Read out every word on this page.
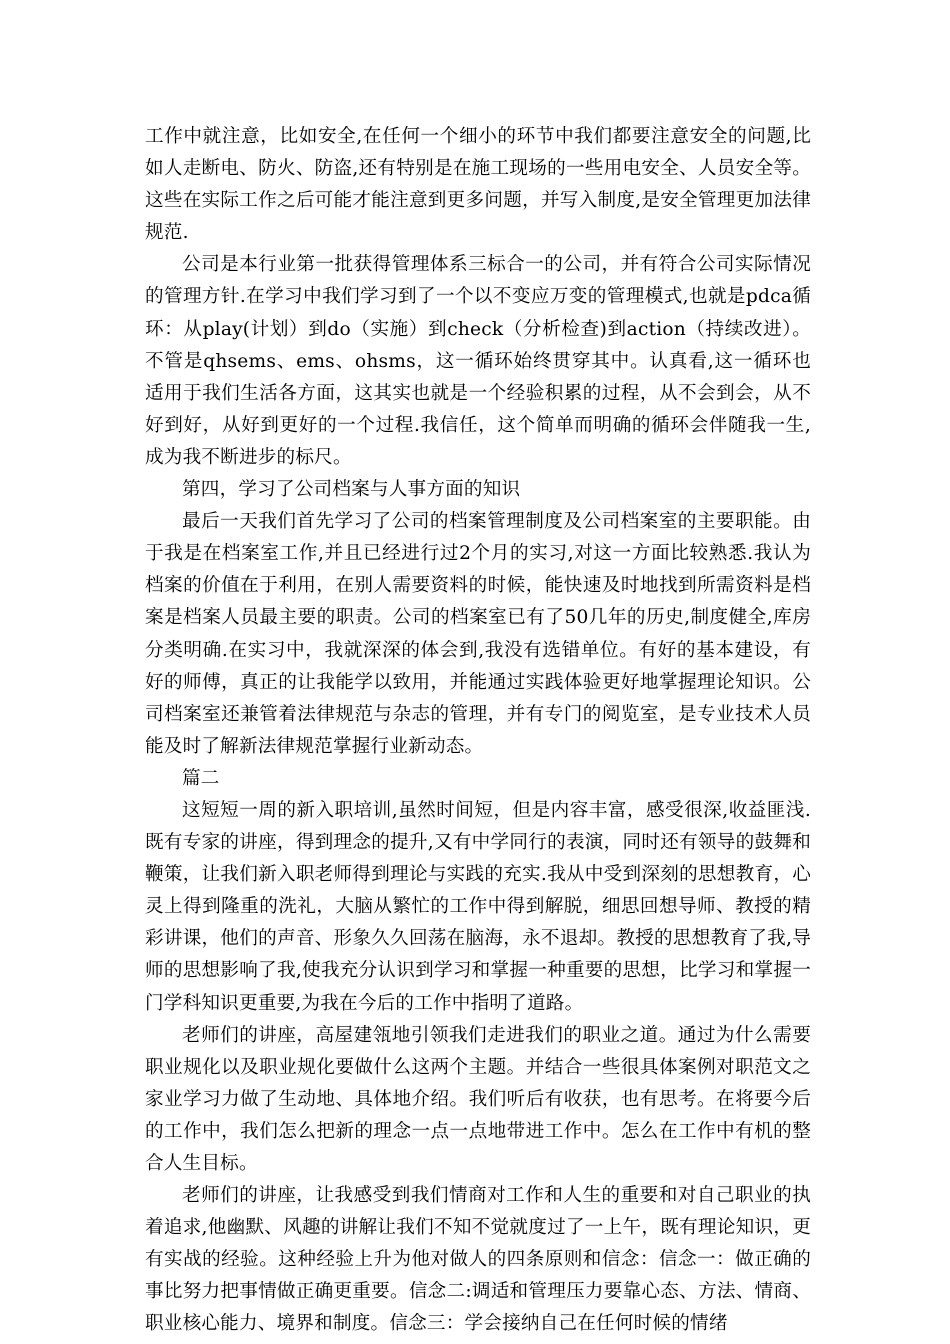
工作中就注意，比如安全,在任何一个细小的环节中我们都要注意安全的问题,比如人走断电、防火、防盗,还有特别是在施工现场的一些用电安全、人员安全等。这些在实际工作之后可能才能注意到更多问题，并写入制度,是安全管理更加法律规范.

公司是本行业第一批获得管理体系三标合一的公司，并有符合公司实际情况的管理方针.在学习中我们学习到了一个以不变应万变的管理模式,也就是pdca循环：从play(计划）到do（实施）到check（分析检查)到action（持续改进）。不管是qhsems、ems、ohsms，这一循环始终贯穿其中。认真看,这一循环也适用于我们生活各方面，这其实也就是一个经验积累的过程，从不会到会，从不好到好，从好到更好的一个过程.我信任，这个简单而明确的循环会伴随我一生,成为我不断进步的标尺。

第四，学习了公司档案与人事方面的知识

最后一天我们首先学习了公司的档案管理制度及公司档案室的主要职能。由于我是在档案室工作,并且已经进行过2个月的实习,对这一方面比较熟悉.我认为档案的价值在于利用，在别人需要资料的时候，能快速及时地找到所需资料是档案是档案人员最主要的职责。公司的档案室已有了50几年的历史,制度健全,库房分类明确.在实习中，我就深深的体会到,我没有选错单位。有好的基本建设，有好的师傅，真正的让我能学以致用，并能通过实践体验更好地掌握理论知识。公司档案室还兼管着法律规范与杂志的管理，并有专门的阅览室，是专业技术人员能及时了解新法律规范掌握行业新动态。

篇二

这短短一周的新入职培训,虽然时间短，但是内容丰富，感受很深,收益匪浅.既有专家的讲座，得到理念的提升,又有中学同行的表演，同时还有领导的鼓舞和鞭策，让我们新入职老师得到理论与实践的充实.我从中受到深刻的思想教育，心灵上得到隆重的洗礼，大脑从繁忙的工作中得到解脱，细思回想导师、教授的精彩讲课，他们的声音、形象久久回荡在脑海，永不退却。教授的思想教育了我,导师的思想影响了我,使我充分认识到学习和掌握一种重要的思想，比学习和掌握一门学科知识更重要,为我在今后的工作中指明了道路。

老师们的讲座，高屋建瓴地引领我们走进我们的职业之道。通过为什么需要职业规化以及职业规化要做什么这两个主题。并结合一些很具体案例对职范文之家业学习力做了生动地、具体地介绍。我们听后有收获，也有思考。在将要今后的工作中，我们怎么把新的理念一点一点地带进工作中。怎么在工作中有机的整合人生目标。

老师们的讲座，让我感受到我们情商对工作和人生的重要和对自己职业的执着追求,他幽默、风趣的讲解让我们不知不觉就度过了一上午，既有理论知识，更有实战的经验。这种经验上升为他对做人的四条原则和信念：信念一：做正确的事比努力把事情做正确更重要。信念二:调适和管理压力要靠心态、方法、情商、职业核心能力、境界和制度。信念三：学会接纳自己在任何时候的情绪
